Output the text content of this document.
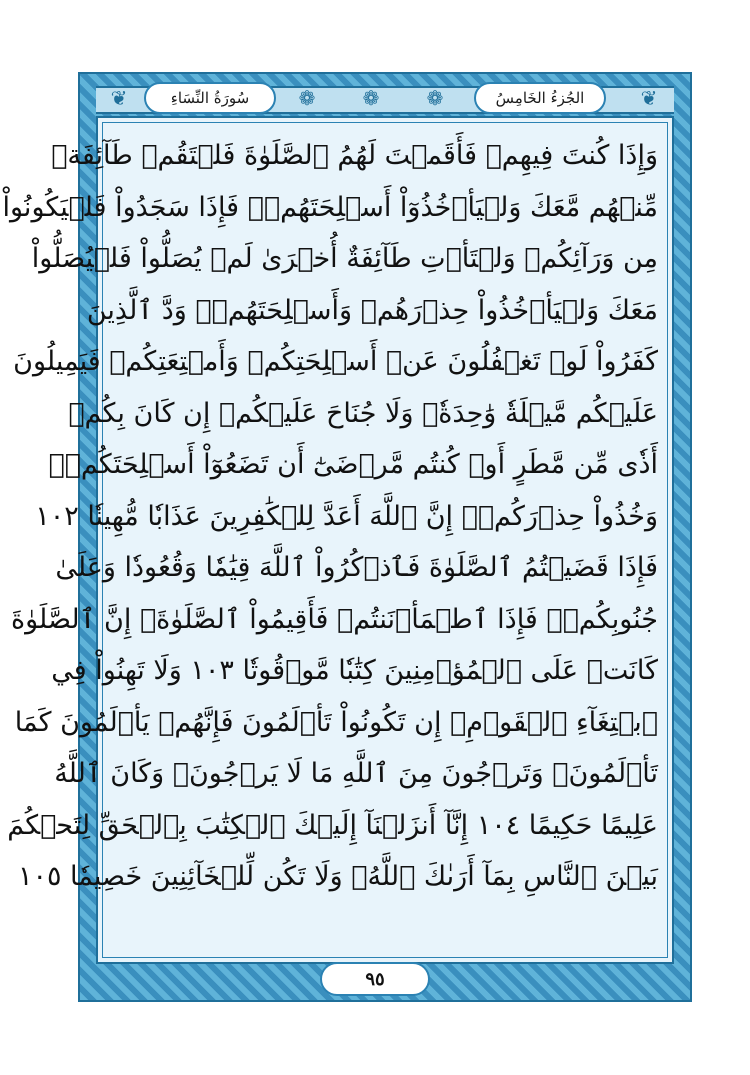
❦	❁	❁	❁	❦
الجُزءُ الخَامِسُ
سُورَةُ النِّسَاءِ
وَإِذَا كُنتَ فِيهِمۡ فَأَقَمۡتَ لَهُمُ ٱلصَّلَوٰةَ فَلۡتَقُمۡ طَآئِفَةٞ
مِّنۡهُم مَّعَكَ وَلۡيَأۡخُذُوٓاْ أَسۡلِحَتَهُمۡۖ فَإِذَا سَجَدُواْ فَلۡيَكُونُواْ
مِن وَرَآئِكُمۡ وَلۡتَأۡتِ طَآئِفَةٌ أُخۡرَىٰ لَمۡ يُصَلُّواْ فَلۡيُصَلُّواْ
مَعَكَ وَلۡيَأۡخُذُواْ حِذۡرَهُمۡ وَأَسۡلِحَتَهُمۡۗ وَدَّ ٱلَّذِينَ
كَفَرُواْ لَوۡ تَغۡفُلُونَ عَنۡ أَسۡلِحَتِكُمۡ وَأَمۡتِعَتِكُمۡ فَيَمِيلُونَ
عَلَيۡكُم مَّيۡلَةٗ وَٰحِدَةٗۚ وَلَا جُنَاحَ عَلَيۡكُمۡ إِن كَانَ بِكُمۡ
أَذٗى مِّن مَّطَرٍ أَوۡ كُنتُم مَّرۡضَىٰٓ أَن تَضَعُوٓاْ أَسۡلِحَتَكُمۡۖ
وَخُذُواْ حِذۡرَكُمۡۗ إِنَّ ٱللَّهَ أَعَدَّ لِلۡكَٰفِرِينَ عَذَابٗا مُّهِينٗا ١٠٢
فَإِذَا قَضَيۡتُمُ ٱلصَّلَوٰةَ فَٱذۡكُرُواْ ٱللَّهَ قِيَٰمٗا وَقُعُودٗا وَعَلَىٰ
جُنُوبِكُمۡۚ فَإِذَا ٱطۡمَأۡنَنتُمۡ فَأَقِيمُواْ ٱلصَّلَوٰةَۚ إِنَّ ٱلصَّلَوٰةَ
كَانَتۡ عَلَى ٱلۡمُؤۡمِنِينَ كِتَٰبٗا مَّوۡقُوتٗا ١٠٣ وَلَا تَهِنُواْ فِي
ٱبۡتِغَآءِ ٱلۡقَوۡمِۖ إِن تَكُونُواْ تَأۡلَمُونَ فَإِنَّهُمۡ يَأۡلَمُونَ كَمَا
تَأۡلَمُونَۖ وَتَرۡجُونَ مِنَ ٱللَّهِ مَا لَا يَرۡجُونَۗ وَكَانَ ٱللَّهُ
عَلِيمًا حَكِيمًا ١٠٤ إِنَّآ أَنزَلۡنَآ إِلَيۡكَ ٱلۡكِتَٰبَ بِٱلۡحَقِّ لِتَحۡكُمَ
بَيۡنَ ٱلنَّاسِ بِمَآ أَرَىٰكَ ٱللَّهُۚ وَلَا تَكُن لِّلۡخَآئِنِينَ خَصِيمٗا ١٠٥
٩٥
